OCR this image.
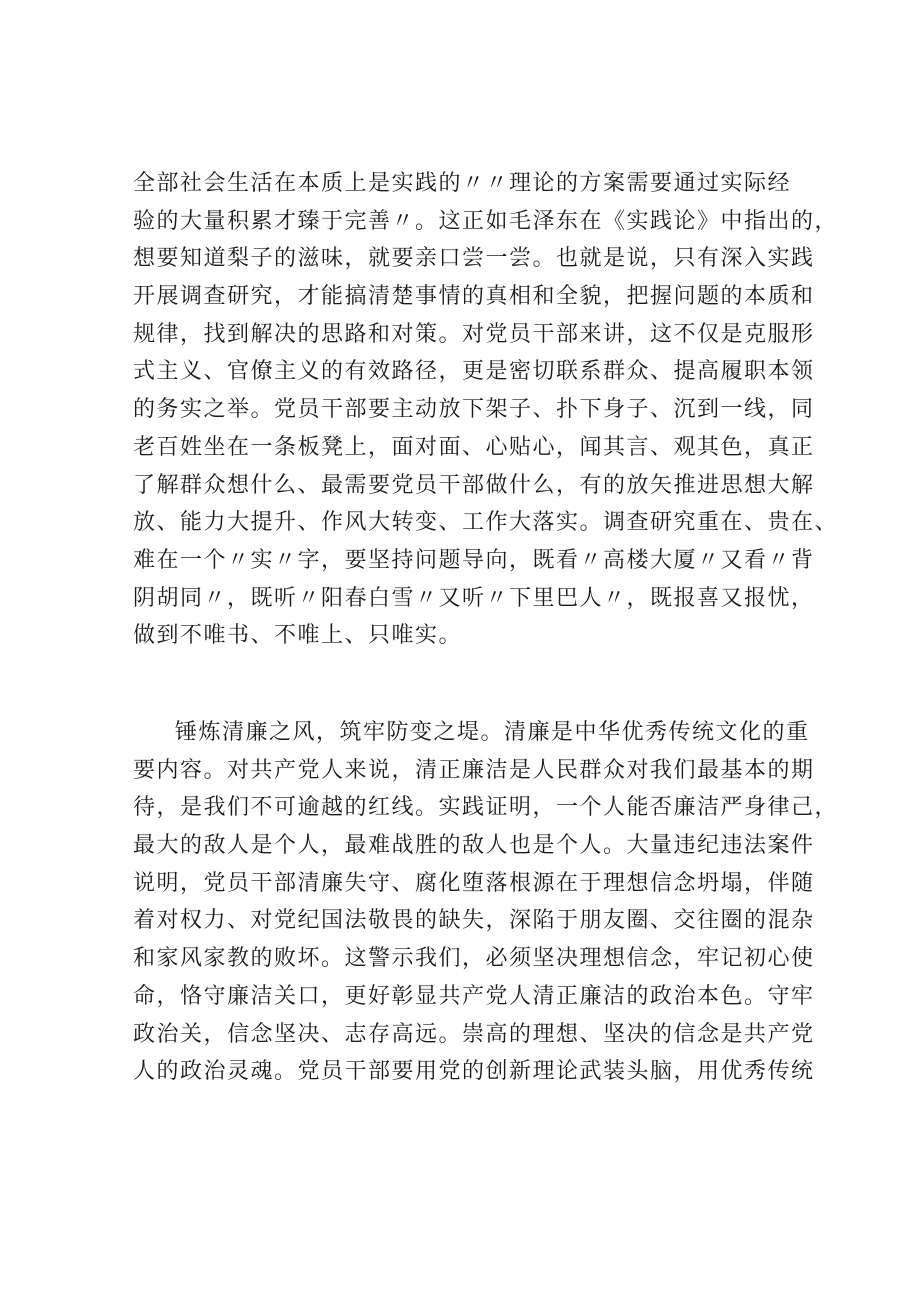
全部社会生活在本质上是实践的〃〃理论的方案需要通过实际经
验的大量积累才臻于完善〃。这正如毛泽东在《实践论》中指出的，
想要知道梨子的滋味，就要亲口尝一尝。也就是说，只有深入实践
开展调查研究，才能搞清楚事情的真相和全貌，把握问题的本质和
规律，找到解决的思路和对策。对党员干部来讲，这不仅是克服形
式主义、官僚主义的有效路径，更是密切联系群众、提高履职本领
的务实之举。党员干部要主动放下架子、扑下身子、沉到一线，同
老百姓坐在一条板凳上，面对面、心贴心，闻其言、观其色，真正
了解群众想什么、最需要党员干部做什么，有的放矢推进思想大解
放、能力大提升、作风大转变、工作大落实。调查研究重在、贵在、
难在一个〃实〃字，要坚持问题导向，既看〃高楼大厦〃又看〃背
阴胡同〃，既听〃阳春白雪〃又听〃下里巴人〃，既报喜又报忧，
做到不唯书、不唯上、只唯实。
锤炼清廉之风，筑牢防变之堤。清廉是中华优秀传统文化的重
要内容。对共产党人来说，清正廉洁是人民群众对我们最基本的期
待，是我们不可逾越的红线。实践证明，一个人能否廉洁严身律己，
最大的敌人是个人，最难战胜的敌人也是个人。大量违纪违法案件
说明，党员干部清廉失守、腐化堕落根源在于理想信念坍塌，伴随
着对权力、对党纪国法敬畏的缺失，深陷于朋友圈、交往圈的混杂
和家风家教的败坏。这警示我们，必须坚决理想信念，牢记初心使
命，恪守廉洁关口，更好彰显共产党人清正廉洁的政治本色。守牢
政治关，信念坚决、志存高远。崇高的理想、坚决的信念是共产党
人的政治灵魂。党员干部要用党的创新理论武装头脑，用优秀传统
